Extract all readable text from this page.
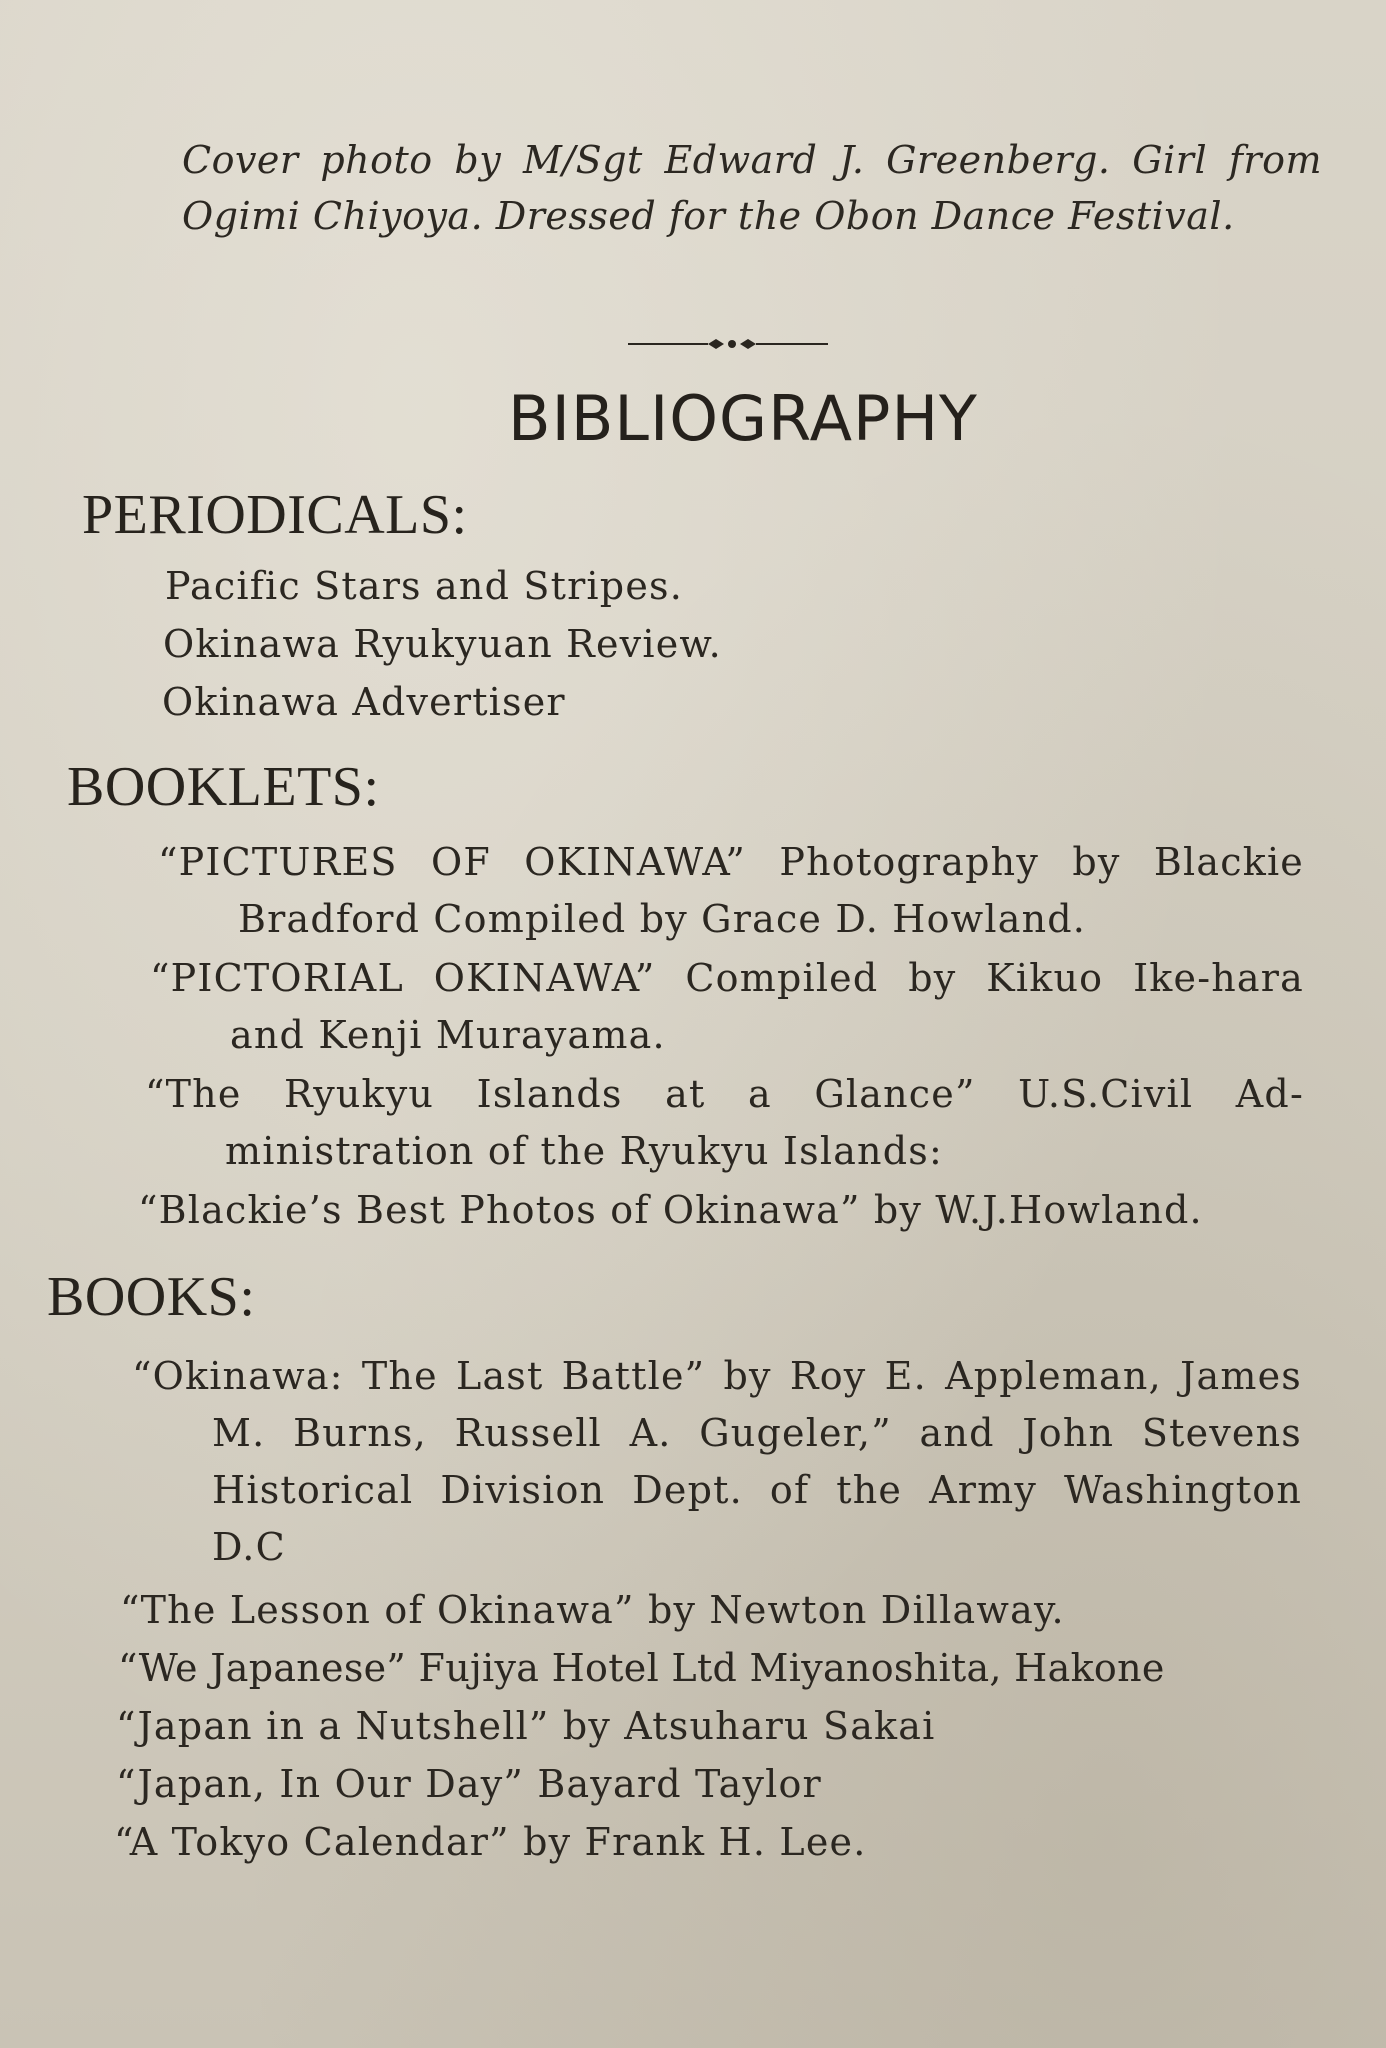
Cover photo by M/Sgt Edward J. Greenberg. Girl from Ogimi Chiyoya. Dressed for the Obon Dance Festival.

BIBLIOGRAPHY
PERIODICALS:
Pacific Stars and Stripes.
Okinawa Ryukyuan Review.
Okinawa Advertiser
BOOKLETS:
“PICTURES OF OKINAWA” Photography by Blackie Bradford Compiled by Grace D. Howland.
“PICTORIAL OKINAWA” Compiled by Kikuo Ike-hara and Kenji Murayama.
“The Ryukyu Islands at a Glance” U.S.Civil Ad-ministration of the Ryukyu Islands:
“Blackie’s Best Photos of Okinawa” by W.J.Howland.
BOOKS:
“Okinawa: The Last Battle” by Roy E. Appleman, James M. Burns, Russell A. Gugeler,” and John Stevens Historical Division Dept. of the Army Washington D.C
“The Lesson of Okinawa” by Newton Dillaway.
“We Japanese” Fujiya Hotel Ltd Miyanoshita, Hakone
“Japan in a Nutshell” by Atsuharu Sakai
“Japan, In Our Day” Bayard Taylor
“A Tokyo Calendar” by Frank H. Lee.
